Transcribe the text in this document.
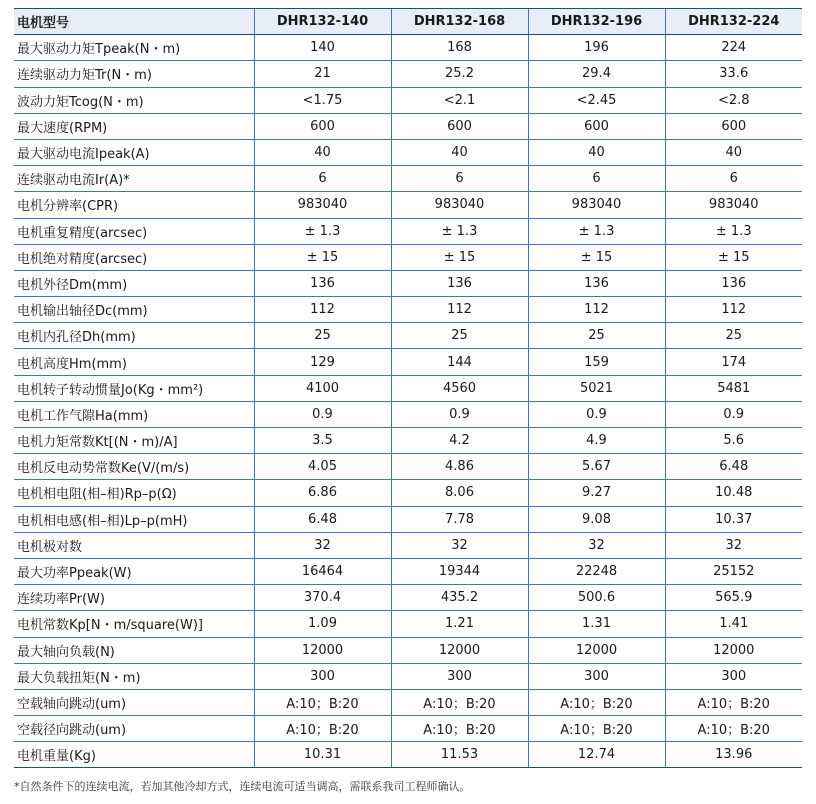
电机型号	DHR132-140	DHR132-168	DHR132-196	DHR132-224
最大驱动力矩Tpeak(N・m)	140	168	196	224
连续驱动力矩Tr(N・m)	21	25.2	29.4	33.6
波动力矩Tcog(N・m)	<1.75	<2.1	<2.45	<2.8
最大速度(RPM)	600	600	600	600
最大驱动电流Ipeak(A)	40	40	40	40
连续驱动电流Ir(A)*	6	6	6	6
电机分辨率(CPR)	983040	983040	983040	983040
电机重复精度(arcsec)	± 1.3	± 1.3	± 1.3	± 1.3
电机绝对精度(arcsec)	± 15	± 15	± 15	± 15
电机外径Dm(mm)	136	136	136	136
电机输出轴径Dc(mm)	112	112	112	112
电机内孔径Dh(mm)	25	25	25	25
电机高度Hm(mm)	129	144	159	174
电机转子转动惯量Jo(Kg・mm²)	4100	4560	5021	5481
电机工作气隙Ha(mm)	0.9	0.9	0.9	0.9
电机力矩常数Kt[(N・m)/A]	3.5	4.2	4.9	5.6
电机反电动势常数Ke(V/(m/s)	4.05	4.86	5.67	6.48
电机相电阻(相–相)Rp–p(Ω)	6.86	8.06	9.27	10.48
电机相电感(相–相)Lp–p(mH)	6.48	7.78	9.08	10.37
电机极对数	32	32	32	32
最大功率Ppeak(W)	16464	19344	22248	25152
连续功率Pr(W)	370.4	435.2	500.6	565.9
电机常数Kp[N・m/square(W)]	1.09	1.21	1.31	1.41
最大轴向负载(N)	12000	12000	12000	12000
最大负载扭矩(N・m)	300	300	300	300
空载轴向跳动(um)	A:10；B:20	A:10；B:20	A:10；B:20	A:10；B:20
空载径向跳动(um)	A:10；B:20	A:10；B:20	A:10；B:20	A:10；B:20
电机重量(Kg)	10.31	11.53	12.74	13.96
*自然条件下的连续电流，若加其他冷却方式，连续电流可适当调高，需联系我司工程师确认。
